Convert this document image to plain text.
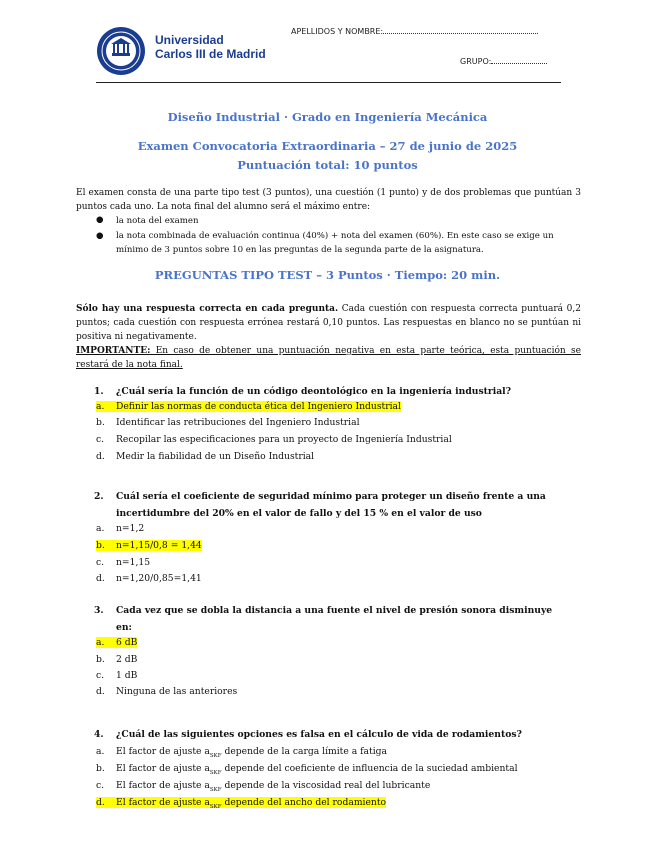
Universidad
Carlos III de Madrid
APELLIDOS Y NOMBRE:
GRUPO:
Diseño Industrial · Grado en Ingeniería Mecánica
Examen Convocatoria Extraordinaria – 27 de junio de 2025
Puntuación total: 10 puntos
El examen consta de una parte tipo test (3 puntos), una cuestión (1 punto) y de dos problemas que puntúan 3 puntos cada uno. La nota final del alumno será el máximo entre:
● la nota del examen
● la nota combinada de evaluación continua (40%) + nota del examen (60%). En este caso se exige un mínimo de 3 puntos sobre 10 en las preguntas de la segunda parte de la asignatura.
PREGUNTAS TIPO TEST – 3 Puntos · Tiempo: 20 min.
Sólo hay una respuesta correcta en cada pregunta. Cada cuestión con respuesta correcta puntuará 0,2 puntos; cada cuestión con respuesta errónea restará 0,10 puntos. Las respuestas en blanco no se puntúan ni positiva ni negativamente.
IMPORTANTE: En caso de obtener una puntuación negativa en esta parte teórica, esta puntuación se restará de la nota final.
1.	¿Cuál sería la función de un código deontológico en la ingeniería industrial?
a. Definir las normas de conducta ética del Ingeniero Industrial
b. Identificar las retribuciones del Ingeniero Industrial
c. Recopilar las especificaciones para un proyecto de Ingeniería Industrial
d. Medir la fiabilidad de un Diseño Industrial
2.	Cuál sería el coeficiente de seguridad mínimo para proteger un diseño frente a una incertidumbre del 20% en el valor de fallo y del 15 % en el valor de uso
a. n=1,2
b. n=1,15/0,8 = 1,44
c. n=1,15
d. n=1,20/0,85=1,41
3.	Cada vez que se dobla la distancia a una fuente el nivel de presión sonora disminuye en:
a. 6 dB
b. 2 dB
c. 1 dB
d. Ninguna de las anteriores
4.	¿Cuál de las siguientes opciones es falsa en el cálculo de vida de rodamientos?
a. El factor de ajuste $a_{SKF}$ depende de la carga límite a fatiga
b. El factor de ajuste $a_{SKF}$ depende del coeficiente de influencia de la suciedad ambiental
c. El factor de ajuste $a_{SKF}$ depende de la viscosidad real del lubricante
d. El factor de ajuste $a_{SKF}$ depende del ancho del rodamiento
